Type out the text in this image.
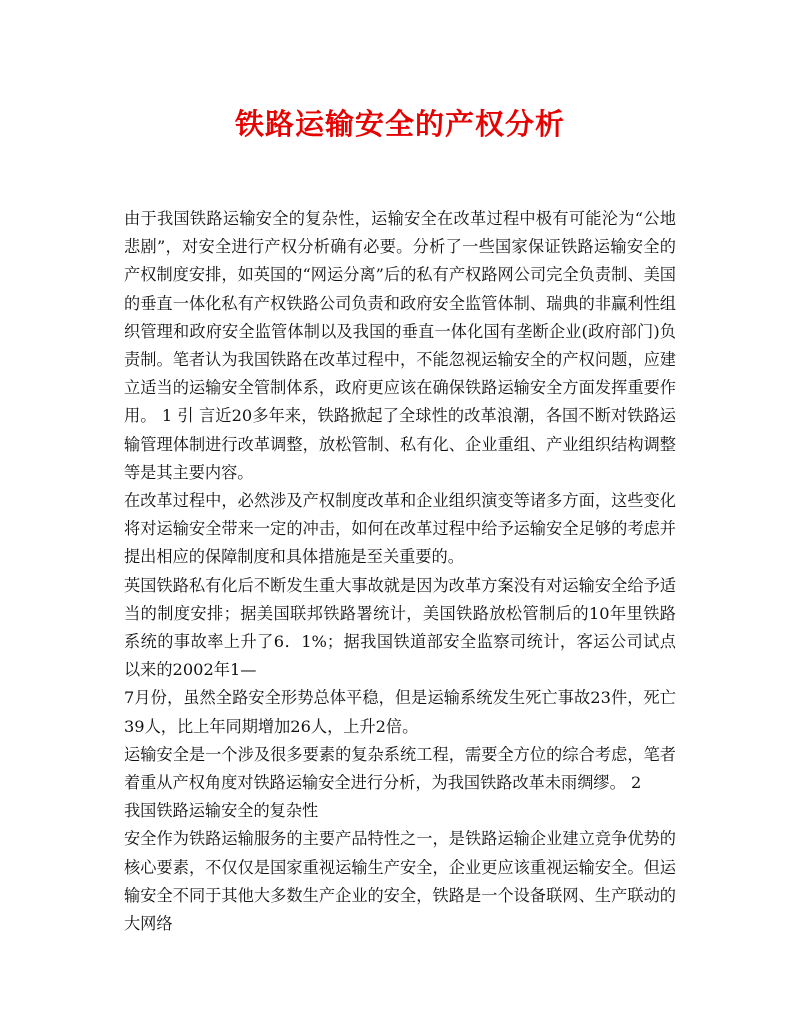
铁路运输安全的产权分析

由于我国铁路运输安全的复杂性，运输安全在改革过程中极有可能沦为“公地悲剧”，对安全进行产权分析确有必要。分析了一些国家保证铁路运输安全的产权制度安排，如英国的“网运分离”后的私有产权路网公司完全负责制、美国的垂直一体化私有产权铁路公司负责和政府安全监管体制、瑞典的非赢利性组织管理和政府安全监管体制以及我国的垂直一体化国有垄断企业(政府部门)负责制。笔者认为我国铁路在改革过程中，不能忽视运输安全的产权问题，应建立适当的运输安全管制体系，政府更应该在确保铁路运输安全方面发挥重要作用。 1 引 言近20多年来，铁路掀起了全球性的改革浪潮，各国不断对铁路运输管理体制进行改革调整，放松管制、私有化、企业重组、产业组织结构调整等是其主要内容。

在改革过程中，必然涉及产权制度改革和企业组织演变等诸多方面，这些变化将对运输安全带来一定的冲击，如何在改革过程中给予运输安全足够的考虑并提出相应的保障制度和具体措施是至关重要的。

英国铁路私有化后不断发生重大事故就是因为改革方案没有对运输安全给予适当的制度安排；据美国联邦铁路署统计，美国铁路放松管制后的10年里铁路系统的事故率上升了6．1%；据我国铁道部安全监察司统计，客运公司试点以来的2002年1—

7月份，虽然全路安全形势总体平稳，但是运输系统发生死亡事故23件，死亡39人，比上年同期增加26人，上升2倍。

运输安全是一个涉及很多要素的复杂系统工程，需要全方位的综合考虑，笔者着重从产权角度对铁路运输安全进行分析，为我国铁路改革未雨绸缪。 2

我国铁路运输安全的复杂性

安全作为铁路运输服务的主要产品特性之一，是铁路运输企业建立竞争优势的核心要素，不仅仅是国家重视运输生产安全，企业更应该重视运输安全。但运输安全不同于其他大多数生产企业的安全，铁路是一个设备联网、生产联动的大网络
